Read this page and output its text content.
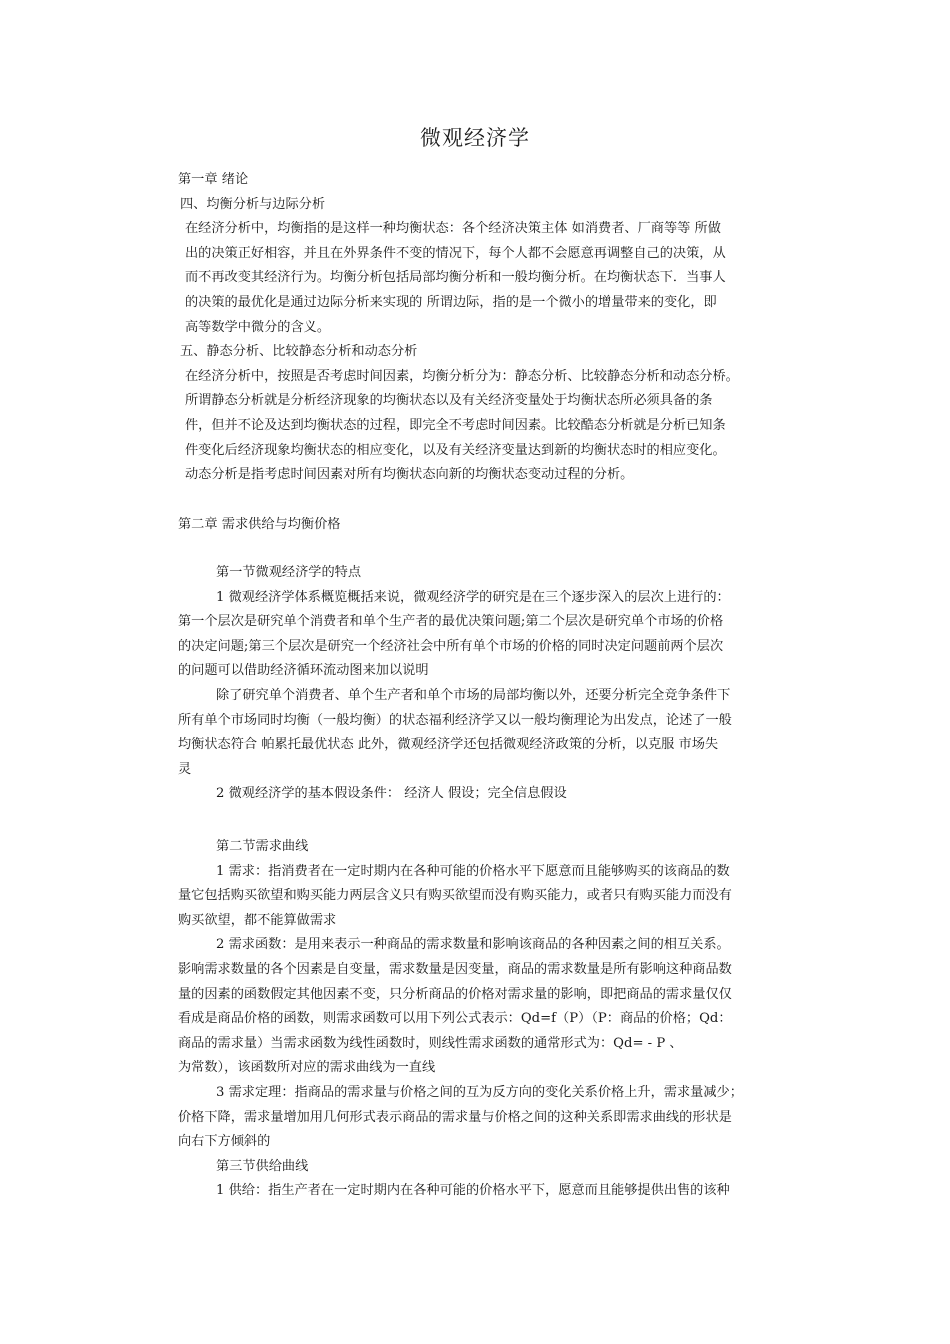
微观经济学
第一章 绪论
四、均衡分析与边际分析
在经济分析中，均衡指的是这样一种均衡状态：各个经济决策主体 如消费者、厂商等等 所做
出的决策正好相容，并且在外界条件不变的情况下，每个人都不会愿意再调整自己的决策，从
而不再改变其经济行为。均衡分析包括局部均衡分析和一般均衡分析。在均衡状态下．当事人
的决策的最优化是通过边际分析来实现的 所谓边际，指的是一个微小的增量带来的变化，即
高等数学中微分的含义。
五、静态分析、比较静态分析和动态分析
在经济分析中，按照是否考虑时间因素，均衡分析分为：静态分析、比较静态分析和动态分桥。
所谓静态分析就是分析经济现象的均衡状态以及有关经济变量处于均衡状态所必须具备的条
件，但并不论及达到均衡状态的过程，即完全不考虑时间因素。比较酷态分析就是分析已知条
件变化后经济现象均衡状态的相应变化，以及有关经济变量达到新的均衡状态时的相应变化。
动态分析是指考虑时间因素对所有均衡状态向新的均衡状态变动过程的分析。
第二章 需求供给与均衡价格
第一节微观经济学的特点
1 微观经济学体系概览概括来说，微观经济学的研究是在三个逐步深入的层次上进行的：
第一个层次是研究单个消费者和单个生产者的最优决策问题;第二个层次是研究单个市场的价格
的决定问题;第三个层次是研究一个经济社会中所有单个市场的价格的同时决定问题前两个层次
的问题可以借助经济循环流动图来加以说明
除了研究单个消费者、单个生产者和单个市场的局部均衡以外，还要分析完全竞争条件下
所有单个市场同时均衡（一般均衡）的状态福利经济学又以一般均衡理论为出发点，论述了一般
均衡状态符合 帕累托最优状态 此外，微观经济学还包括微观经济政策的分析，以克服 市场失
灵
2 微观经济学的基本假设条件： 经济人 假设；完全信息假设
第二节需求曲线
1 需求：指消费者在一定时期内在各种可能的价格水平下愿意而且能够购买的该商品的数
量它包括购买欲望和购买能力两层含义只有购买欲望而没有购买能力，或者只有购买能力而没有
购买欲望，都不能算做需求
2 需求函数：是用来表示一种商品的需求数量和影响该商品的各种因素之间的相互关系。
影响需求数量的各个因素是自变量，需求数量是因变量，商品的需求数量是所有影响这种商品数
量的因素的函数假定其他因素不变，只分析商品的价格对需求量的影响，即把商品的需求量仅仅
看成是商品价格的函数，则需求函数可以用下列公式表示：Qd=f（P）（P：商品的价格；Qd：
商品的需求量）当需求函数为线性函数时，则线性需求函数的通常形式为：Qd= - P 、
为常数），该函数所对应的需求曲线为一直线
3 需求定理：指商品的需求量与价格之间的互为反方向的变化关系价格上升，需求量减少；
价格下降，需求量增加用几何形式表示商品的需求量与价格之间的这种关系即需求曲线的形状是
向右下方倾斜的
第三节供给曲线
1 供给：指生产者在一定时期内在各种可能的价格水平下，愿意而且能够提供出售的该种
